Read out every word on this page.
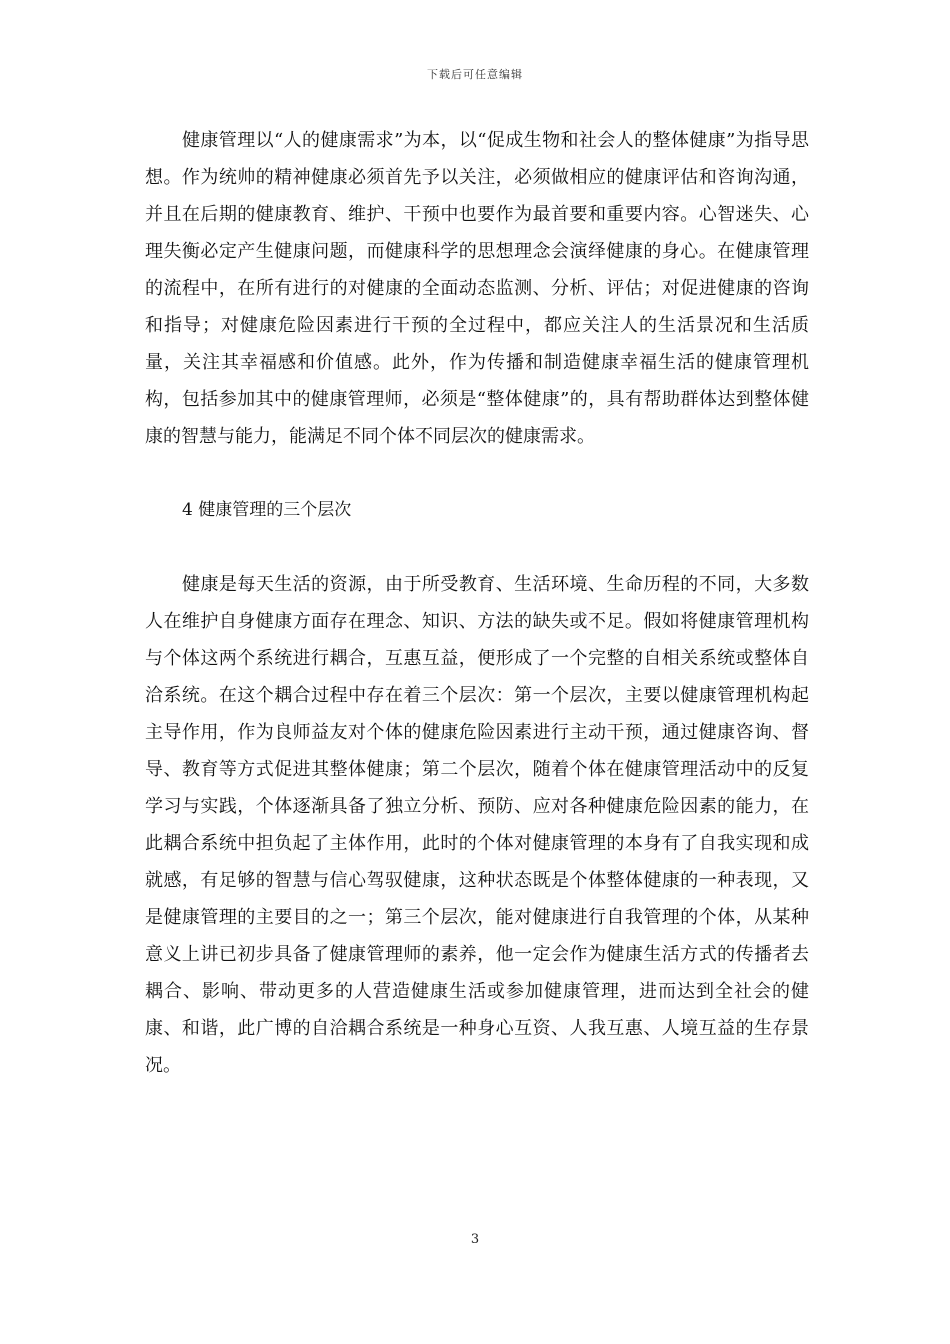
下载后可任意编辑

健康管理以“人的健康需求”为本，以“促成生物和社会人的整体健康”为指导思想。作为统帅的精神健康必须首先予以关注，必须做相应的健康评估和咨询沟通，并且在后期的健康教育、维护、干预中也要作为最首要和重要内容。心智迷失、心理失衡必定产生健康问题，而健康科学的思想理念会演绎健康的身心。在健康管理的流程中，在所有进行的对健康的全面动态监测、分析、评估；对促进健康的咨询和指导；对健康危险因素进行干预的全过程中，都应关注人的生活景况和生活质量，关注其幸福感和价值感。此外，作为传播和制造健康幸福生活的健康管理机构，包括参加其中的健康管理师，必须是“整体健康”的，具有帮助群体达到整体健康的智慧与能力，能满足不同个体不同层次的健康需求。

4 健康管理的三个层次

健康是每天生活的资源，由于所受教育、生活环境、生命历程的不同，大多数人在维护自身健康方面存在理念、知识、方法的缺失或不足。假如将健康管理机构与个体这两个系统进行耦合，互惠互益，便形成了一个完整的自相关系统或整体自洽系统。在这个耦合过程中存在着三个层次：第一个层次，主要以健康管理机构起主导作用，作为良师益友对个体的健康危险因素进行主动干预，通过健康咨询、督导、教育等方式促进其整体健康；第二个层次，随着个体在健康管理活动中的反复学习与实践，个体逐渐具备了独立分析、预防、应对各种健康危险因素的能力，在此耦合系统中担负起了主体作用，此时的个体对健康管理的本身有了自我实现和成就感，有足够的智慧与信心驾驭健康，这种状态既是个体整体健康的一种表现，又是健康管理的主要目的之一；第三个层次，能对健康进行自我管理的个体，从某种意义上讲已初步具备了健康管理师的素养，他一定会作为健康生活方式的传播者去耦合、影响、带动更多的人营造健康生活或参加健康管理，进而达到全社会的健康、和谐，此广博的自洽耦合系统是一种身心互资、人我互惠、人境互益的生存景况。

3
